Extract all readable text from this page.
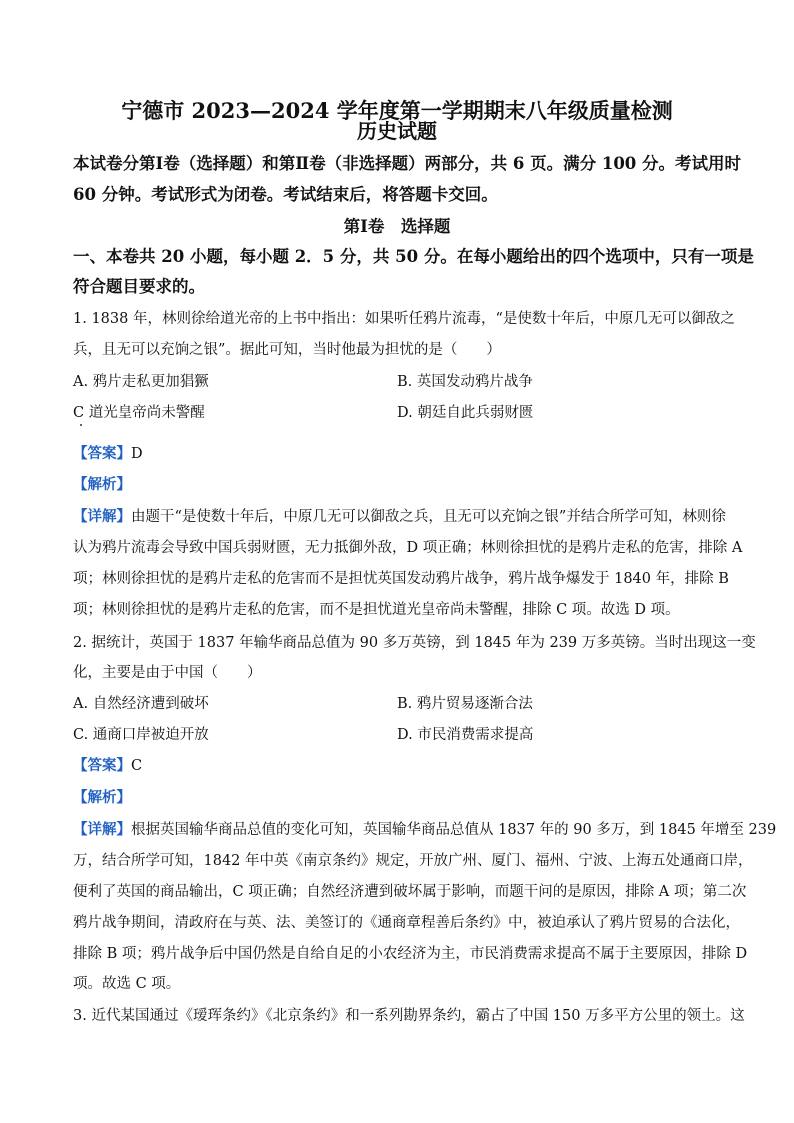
宁德市 2023—2024 学年度第一学期期末八年级质量检测
历史试题
本试卷分第Ⅰ卷（选择题）和第Ⅱ卷（非选择题）两部分，共 6 页。满分 100 分。考试用时
60 分钟。考试形式为闭卷。考试结束后，将答题卡交回。
第Ⅰ卷　选择题
一、本卷共 20 小题，每小题 2．5 分，共 50 分。在每小题给出的四个选项中，只有一项是
符合题目要求的。
1. 1838 年，林则徐给道光帝的上书中指出：如果听任鸦片流毒，“是使数十年后，中原几无可以御敌之
兵，且无可以充饷之银”。据此可知，当时他最为担忧的是（　　）
A. 鸦片走私更加猖獗	B. 英国发动鸦片战争
C 道光皇帝尚未警醒	D. 朝廷自此兵弱财匮
【答案】D
【解析】
【详解】由题干“是使数十年后，中原几无可以御敌之兵，且无可以充饷之银”并结合所学可知，林则徐
认为鸦片流毒会导致中国兵弱财匮，无力抵御外敌，D 项正确；林则徐担忧的是鸦片走私的危害，排除 A
项；林则徐担忧的是鸦片走私的危害而不是担忧英国发动鸦片战争，鸦片战争爆发于 1840 年，排除 B
项；林则徐担忧的是鸦片走私的危害，而不是担忧道光皇帝尚未警醒，排除 C 项。故选 D 项。
2. 据统计，英国于 1837 年输华商品总值为 90 多万英镑，到 1845 年为 239 万多英镑。当时出现这一变
化，主要是由于中国（　　）
A. 自然经济遭到破坏	B. 鸦片贸易逐渐合法
C. 通商口岸被迫开放	D. 市民消费需求提高
【答案】C
【解析】
【详解】根据英国输华商品总值的变化可知，英国输华商品总值从 1837 年的 90 多万，到 1845 年增至 239
万，结合所学可知，1842 年中英《南京条约》规定，开放广州、厦门、福州、宁波、上海五处通商口岸，
便利了英国的商品输出，C 项正确；自然经济遭到破坏属于影响，而题干问的是原因，排除 A 项；第二次
鸦片战争期间，清政府在与英、法、美签订的《通商章程善后条约》中，被迫承认了鸦片贸易的合法化，
排除 B 项；鸦片战争后中国仍然是自给自足的小农经济为主，市民消费需求提高不属于主要原因，排除 D
项。故选 C 项。
3. 近代某国通过《瑷珲条约》《北京条约》和一系列勘界条约，霸占了中国 150 万多平方公里的领土。这
